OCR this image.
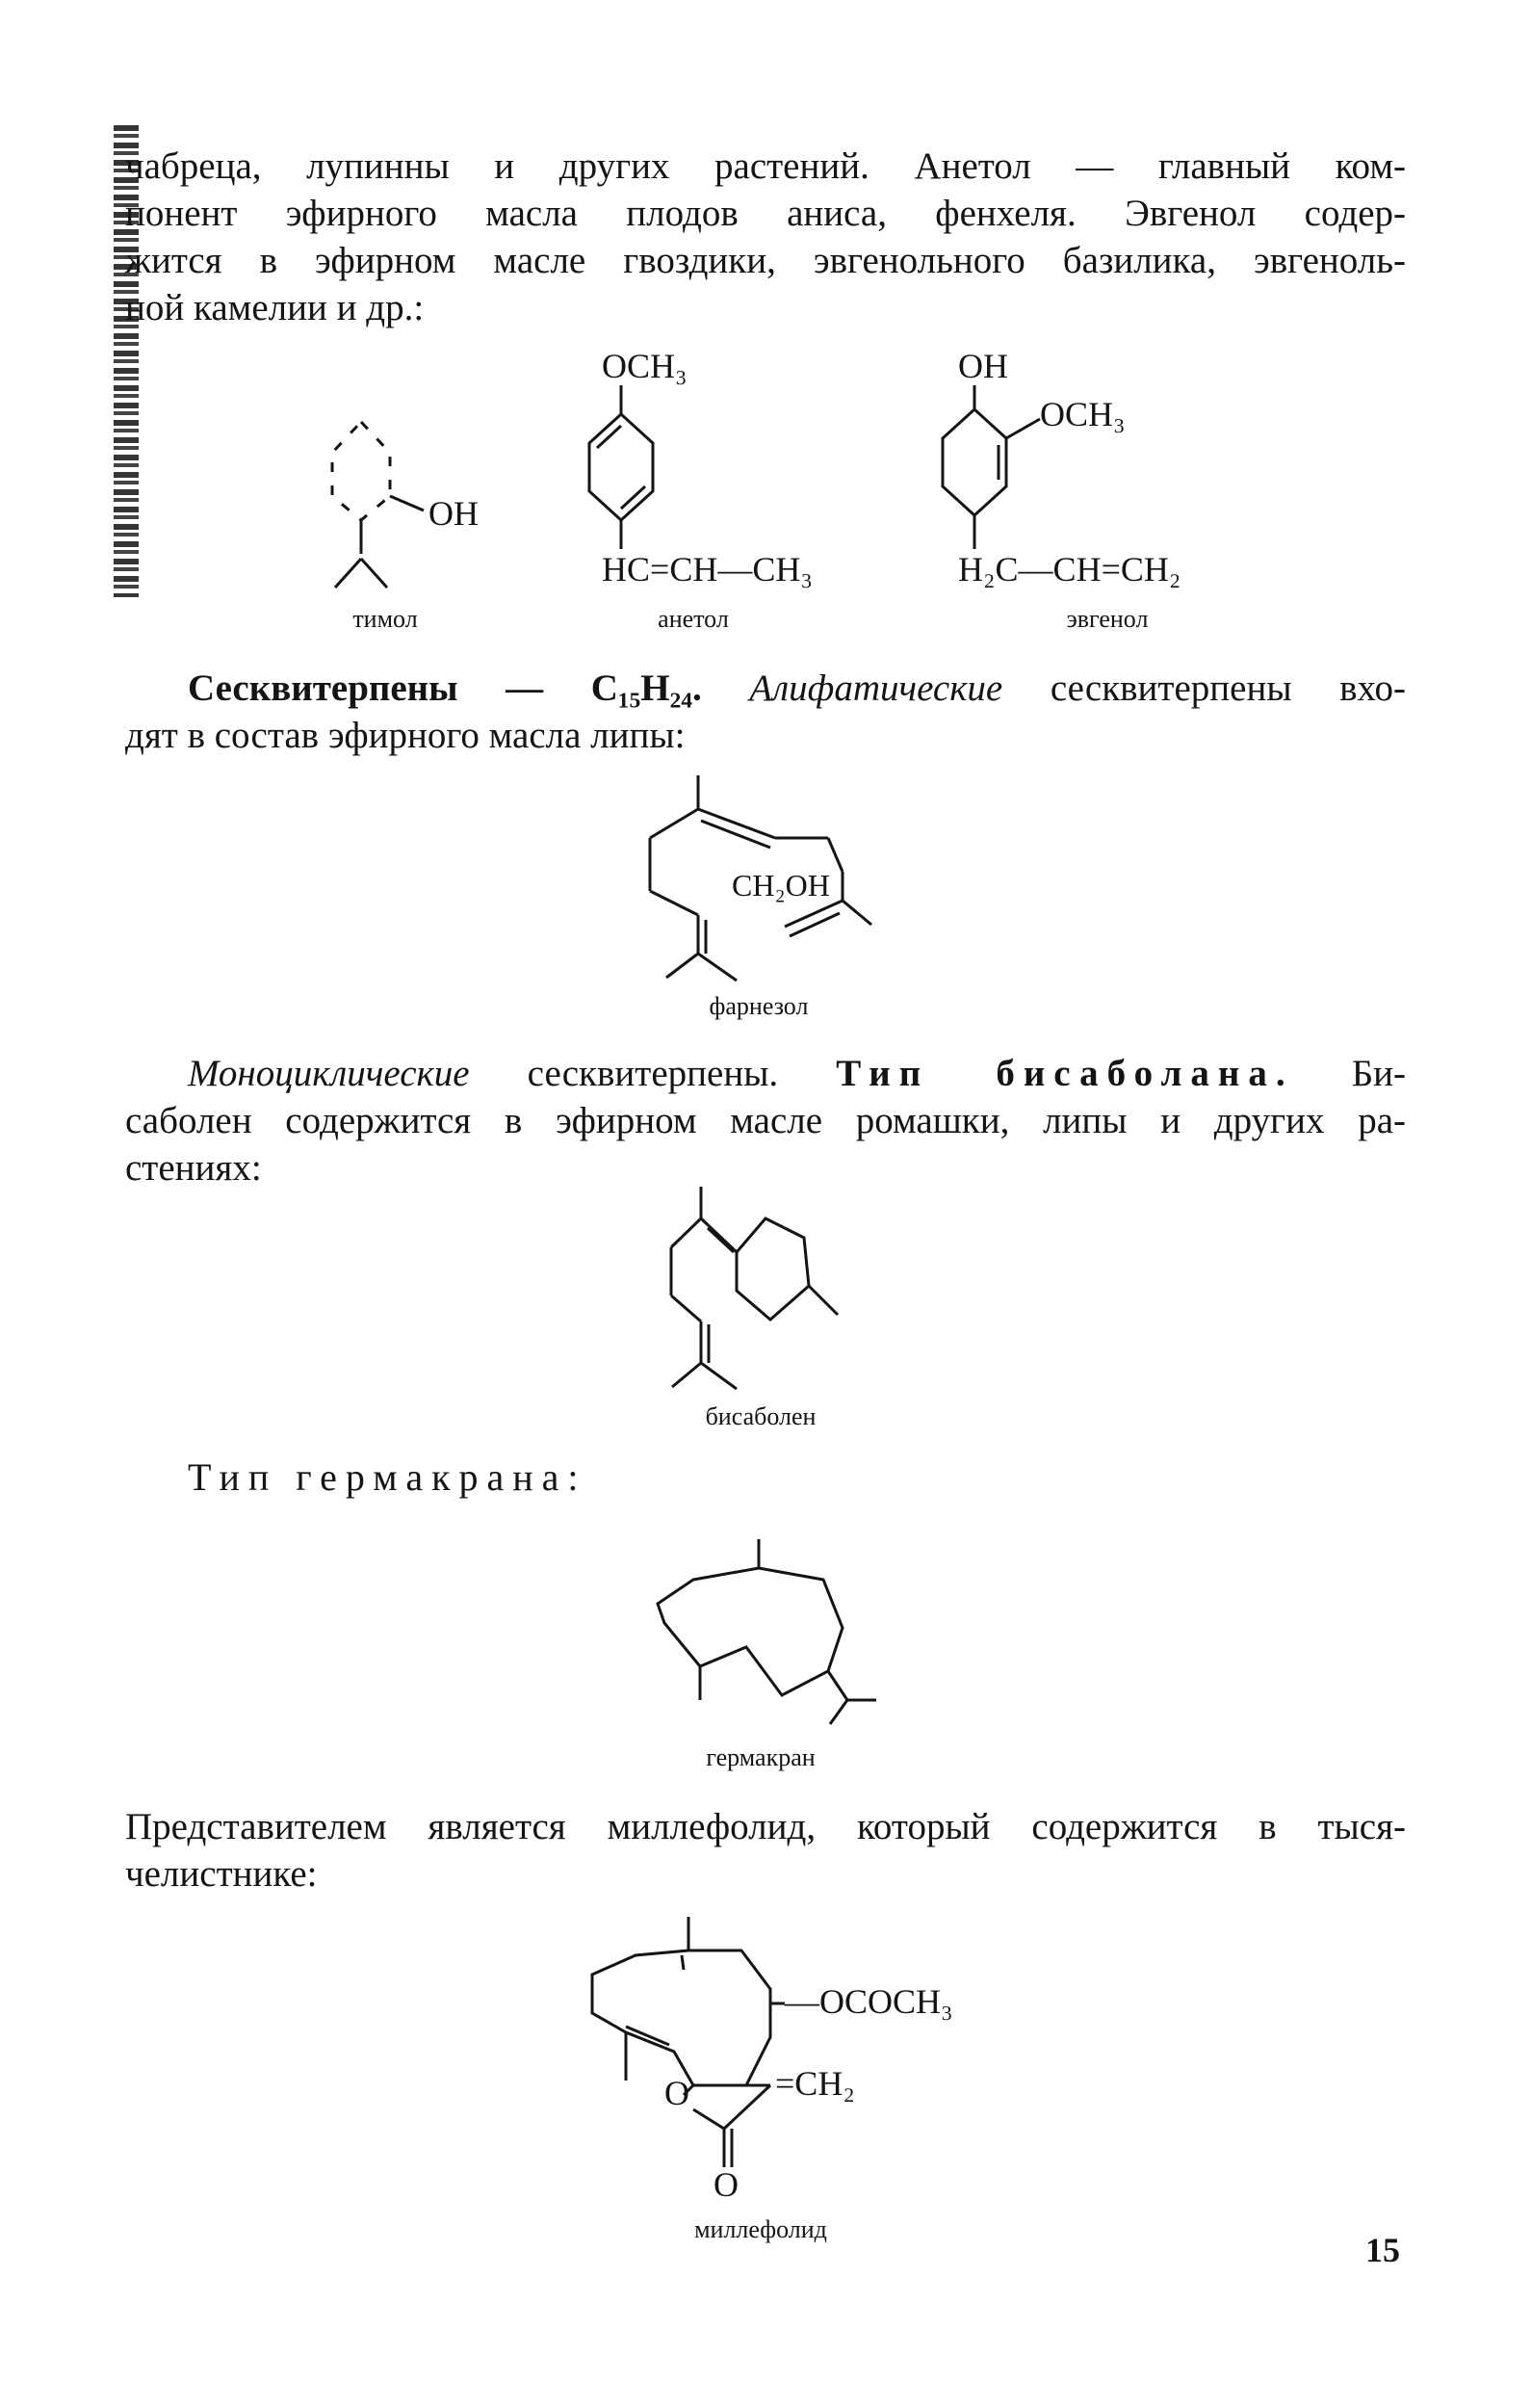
чабреца, лупинны и других растений. Анетол — главный ком-
понент эфирного масла плодов аниса, фенхеля. Эвгенол содер-
жится в эфирном масле гвоздики, эвгенольного базилика, эвгеноль-
ной камелии и др.:
OH
OCH₃
HC=CH—CH₃
OH
OCH₃
H₂C—CH=CH₂

тимол	анетол	эвгенол

Сесквитерпены — C₁₅H₂₄. Алифатические сесквитерпены вхо-
дят в состав эфирного масла липы:
CH₂OH

фарнезол

Моноциклические сесквитерпены. Тип бисаболана. Би-
саболен содержится в эфирном масле ромашки, липы и других ра-
стениях:

бисаболен

Тип гермакрана:

гермакран

Представителем является миллефолид, который содержится в тыся-
челистнике:
—OCOCH₃
O =CH₂
O

миллефолид

15
